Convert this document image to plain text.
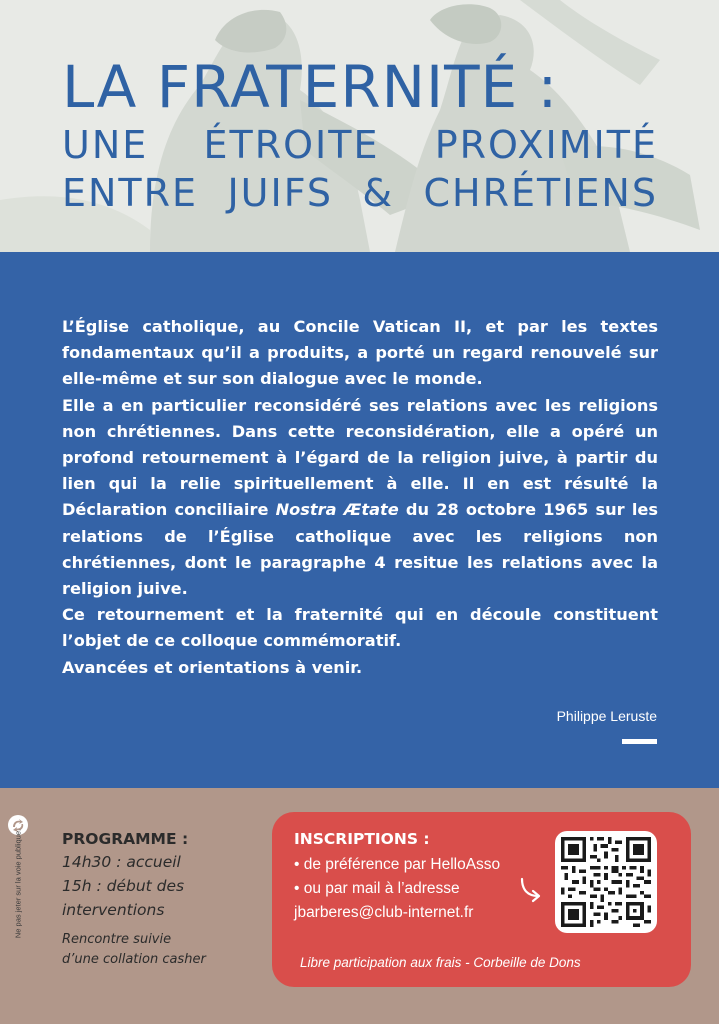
LA FRATERNITÉ :
UNE ÉTROITE PROXIMITÉ
ENTRE JUIFS & CHRÉTIENS

L’Église catholique, au Concile Vatican II, et par les textes fondamentaux qu’il a produits, a porté un regard renouvelé sur elle-même et sur son dialogue avec le monde.

Elle a en particulier reconsidéré ses relations avec les religions non chrétiennes. Dans cette reconsidération, elle a opéré un profond retournement à l’égard de la religion juive, à partir du lien qui la relie spirituellement à elle. Il en est résulté la Déclaration conciliaire Nostra Ætate du 28 octobre 1965 sur les relations de l’Église catholique avec les religions non chrétiennes, dont le paragraphe 4 resitue les relations avec la religion juive.

Ce retournement et la fraternité qui en découle constituent l’objet de ce colloque commémoratif.

Avancées et orientations à venir.

Philippe Leruste
Ne pas jeter sur la voie publique.	PROGRAMME :
14h30 : accueil
15h : début des
interventions
Rencontre suivie
d’une collation casher
INSCRIPTIONS :
• de préférence par HelloAsso
• ou par mail à l’adresse
jbarberes@club-internet.fr
Libre participation aux frais - Corbeille de Dons
